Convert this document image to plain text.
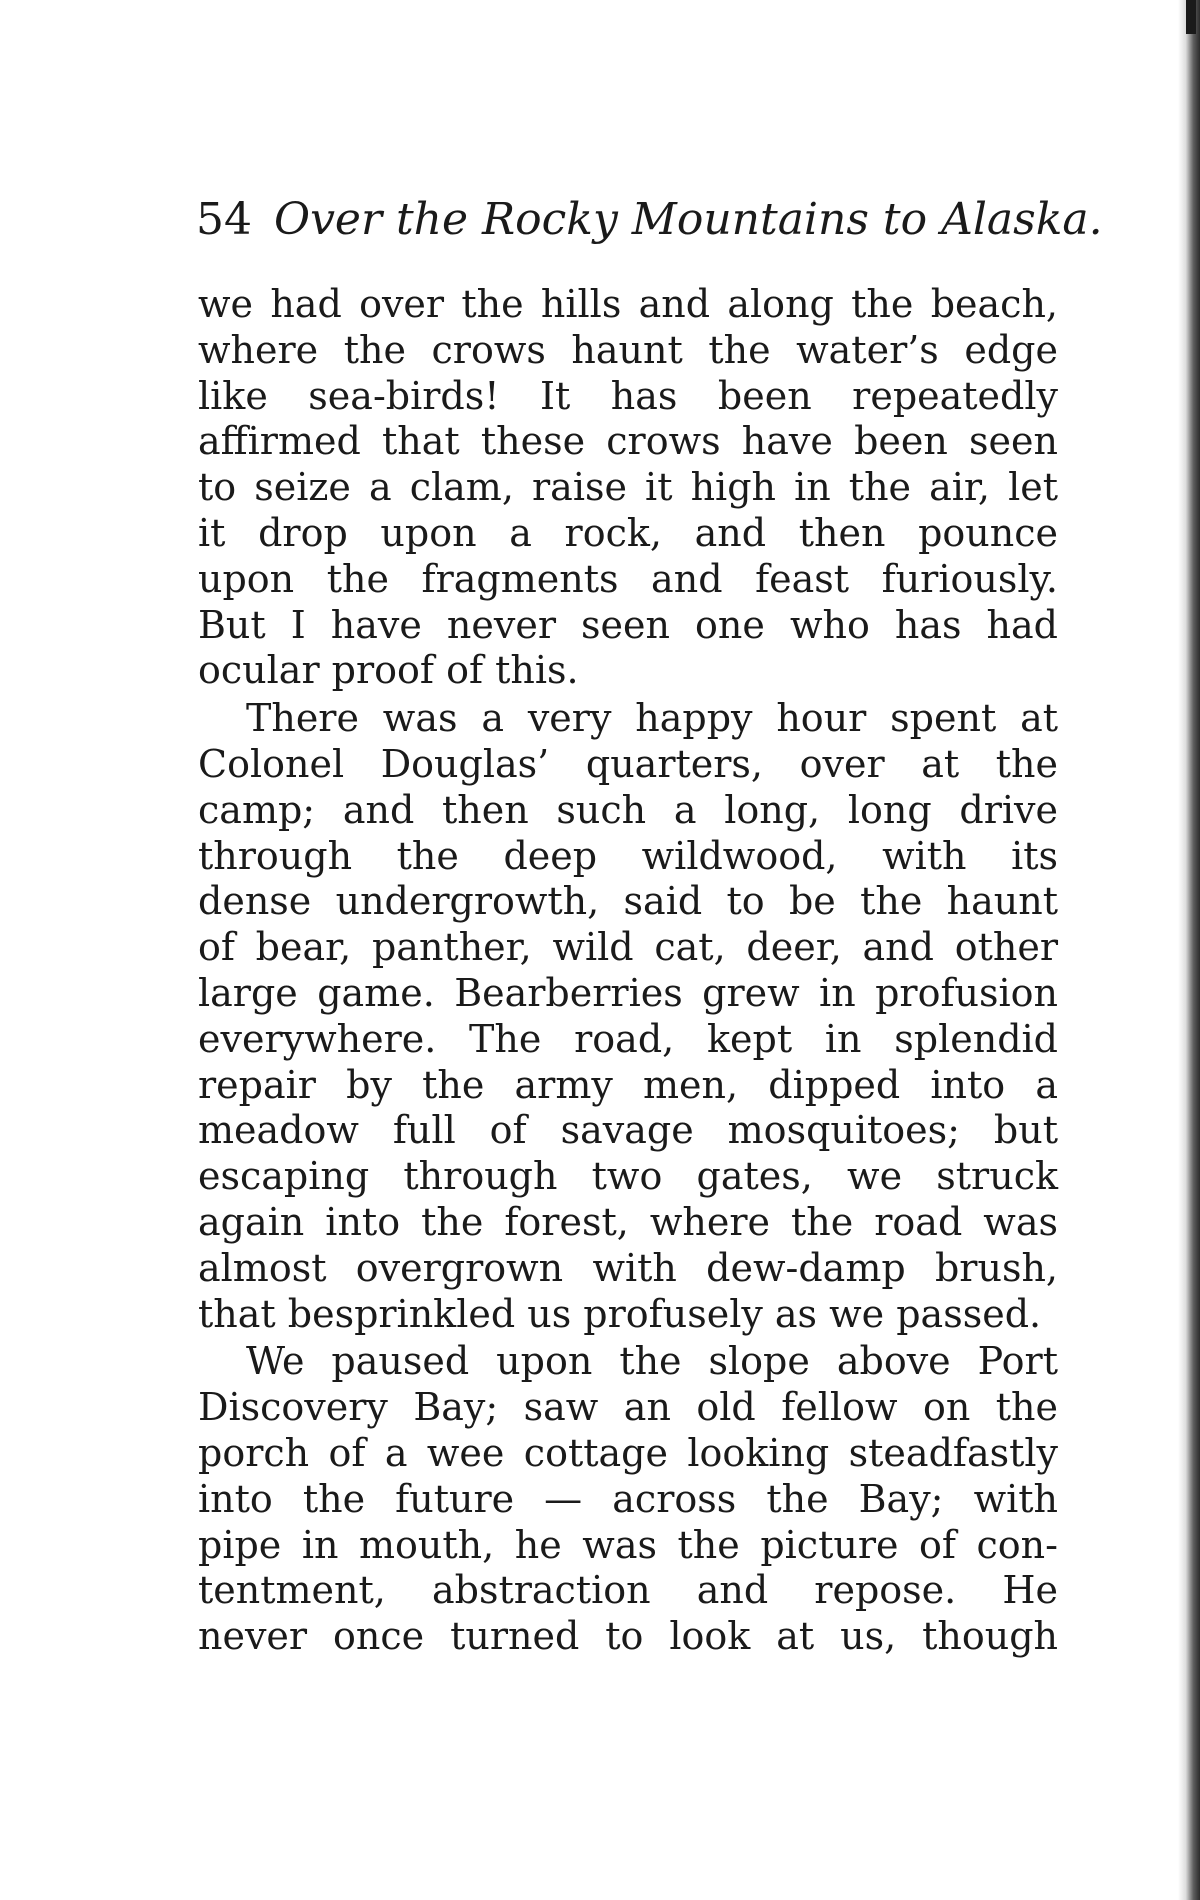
54 Over the Rocky Mountains to Alaska.
we had over the hills and along the beach,
where the crows haunt the water’s edge
like sea-birds! It has been repeatedly
affirmed that these crows have been seen
to seize a clam, raise it high in the air, let
it drop upon a rock, and then pounce
upon the fragments and feast furiously.
But I have never seen one who has had
ocular proof of this.
There was a very happy hour spent at
Colonel Douglas’ quarters, over at the
camp; and then such a long, long drive
through the deep wildwood, with its
dense undergrowth, said to be the haunt
of bear, panther, wild cat, deer, and other
large game. Bearberries grew in profusion
everywhere. The road, kept in splendid
repair by the army men, dipped into a
meadow full of savage mosquitoes; but
escaping through two gates, we struck
again into the forest, where the road was
almost overgrown with dew-damp brush,
that besprinkled us profusely as we passed.
We paused upon the slope above Port
Discovery Bay; saw an old fellow on the
porch of a wee cottage looking steadfastly
into the future — across the Bay; with
pipe in mouth, he was the picture of con-
tentment, abstraction and repose. He
never once turned to look at us, though
